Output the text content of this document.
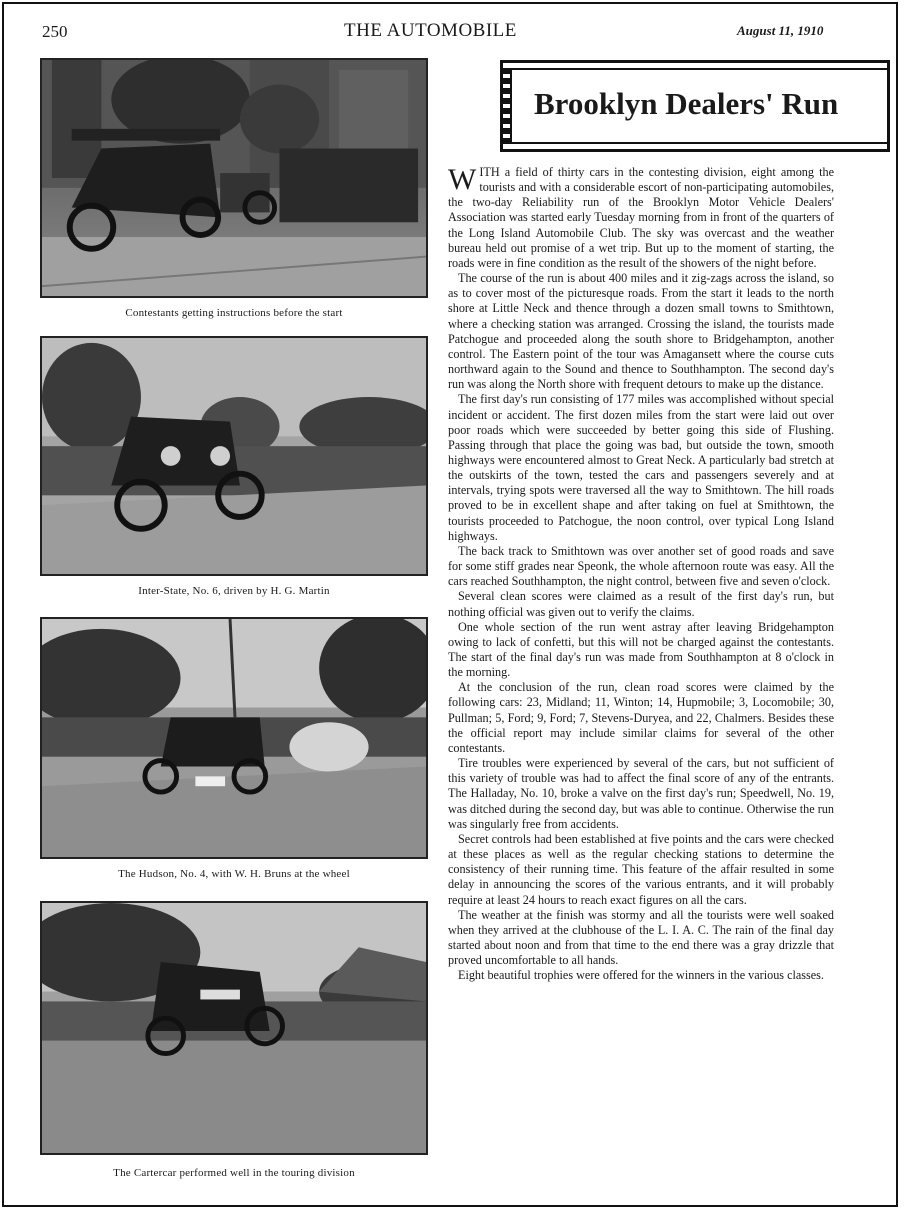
250	THE AUTOMOBILE	August 11, 1910
Contestants getting instructions before the start
Inter-State, No. 6, driven by H. G. Martin
The Hudson, No. 4, with W. H. Bruns at the wheel
The Cartercar performed well in the touring division
Brooklyn Dealers' Run

WITH a field of thirty cars in the contesting division, eight among the tourists and with a considerable escort of non-participating automobiles, the two-day Reliability run of the Brooklyn Motor Vehicle Dealers' Association was started early Tuesday morning from in front of the quarters of the Long Island Automobile Club. The sky was overcast and the weather bureau held out promise of a wet trip. But up to the moment of starting, the roads were in fine condition as the result of the showers of the night before.

The course of the run is about 400 miles and it zig-zags across the island, so as to cover most of the picturesque roads. From the start it leads to the north shore at Little Neck and thence through a dozen small towns to Smithtown, where a checking station was arranged. Crossing the island, the tourists made Patchogue and proceeded along the south shore to Bridgehampton, another control. The Eastern point of the tour was Amagansett where the course cuts northward again to the Sound and thence to Southhampton. The second day's run was along the North shore with frequent detours to make up the distance.

The first day's run consisting of 177 miles was accomplished without special incident or accident. The first dozen miles from the start were laid out over poor roads which were succeeded by better going this side of Flushing. Passing through that place the going was bad, but outside the town, smooth highways were encountered almost to Great Neck. A particularly bad stretch at the outskirts of the town, tested the cars and passengers severely and at intervals, trying spots were traversed all the way to Smithtown. The hill roads proved to be in excellent shape and after taking on fuel at Smithtown, the tourists proceeded to Patchogue, the noon control, over typical Long Island highways.

The back track to Smithtown was over another set of good roads and save for some stiff grades near Speonk, the whole afternoon route was easy. All the cars reached Southhampton, the night control, between five and seven o'clock.

Several clean scores were claimed as a result of the first day's run, but nothing official was given out to verify the claims.

One whole section of the run went astray after leaving Bridgehampton owing to lack of confetti, but this will not be charged against the contestants. The start of the final day's run was made from Southhampton at 8 o'clock in the morning.

At the conclusion of the run, clean road scores were claimed by the following cars: 23, Midland; 11, Winton; 14, Hupmobile; 3, Locomobile; 30, Pullman; 5, Ford; 9, Ford; 7, Stevens-Duryea, and 22, Chalmers. Besides these the official report may include similar claims for several of the other contestants.

Tire troubles were experienced by several of the cars, but not sufficient of this variety of trouble was had to affect the final score of any of the entrants. The Halladay, No. 10, broke a valve on the first day's run; Speedwell, No. 19, was ditched during the second day, but was able to continue. Otherwise the run was singularly free from accidents.

Secret controls had been established at five points and the cars were checked at these places as well as the regular checking stations to determine the consistency of their running time. This feature of the affair resulted in some delay in announcing the scores of the various entrants, and it will probably require at least 24 hours to reach exact figures on all the cars.

The weather at the finish was stormy and all the tourists were well soaked when they arrived at the clubhouse of the L. I. A. C. The rain of the final day started about noon and from that time to the end there was a gray drizzle that proved uncomfortable to all hands.

Eight beautiful trophies were offered for the winners in the various classes.
